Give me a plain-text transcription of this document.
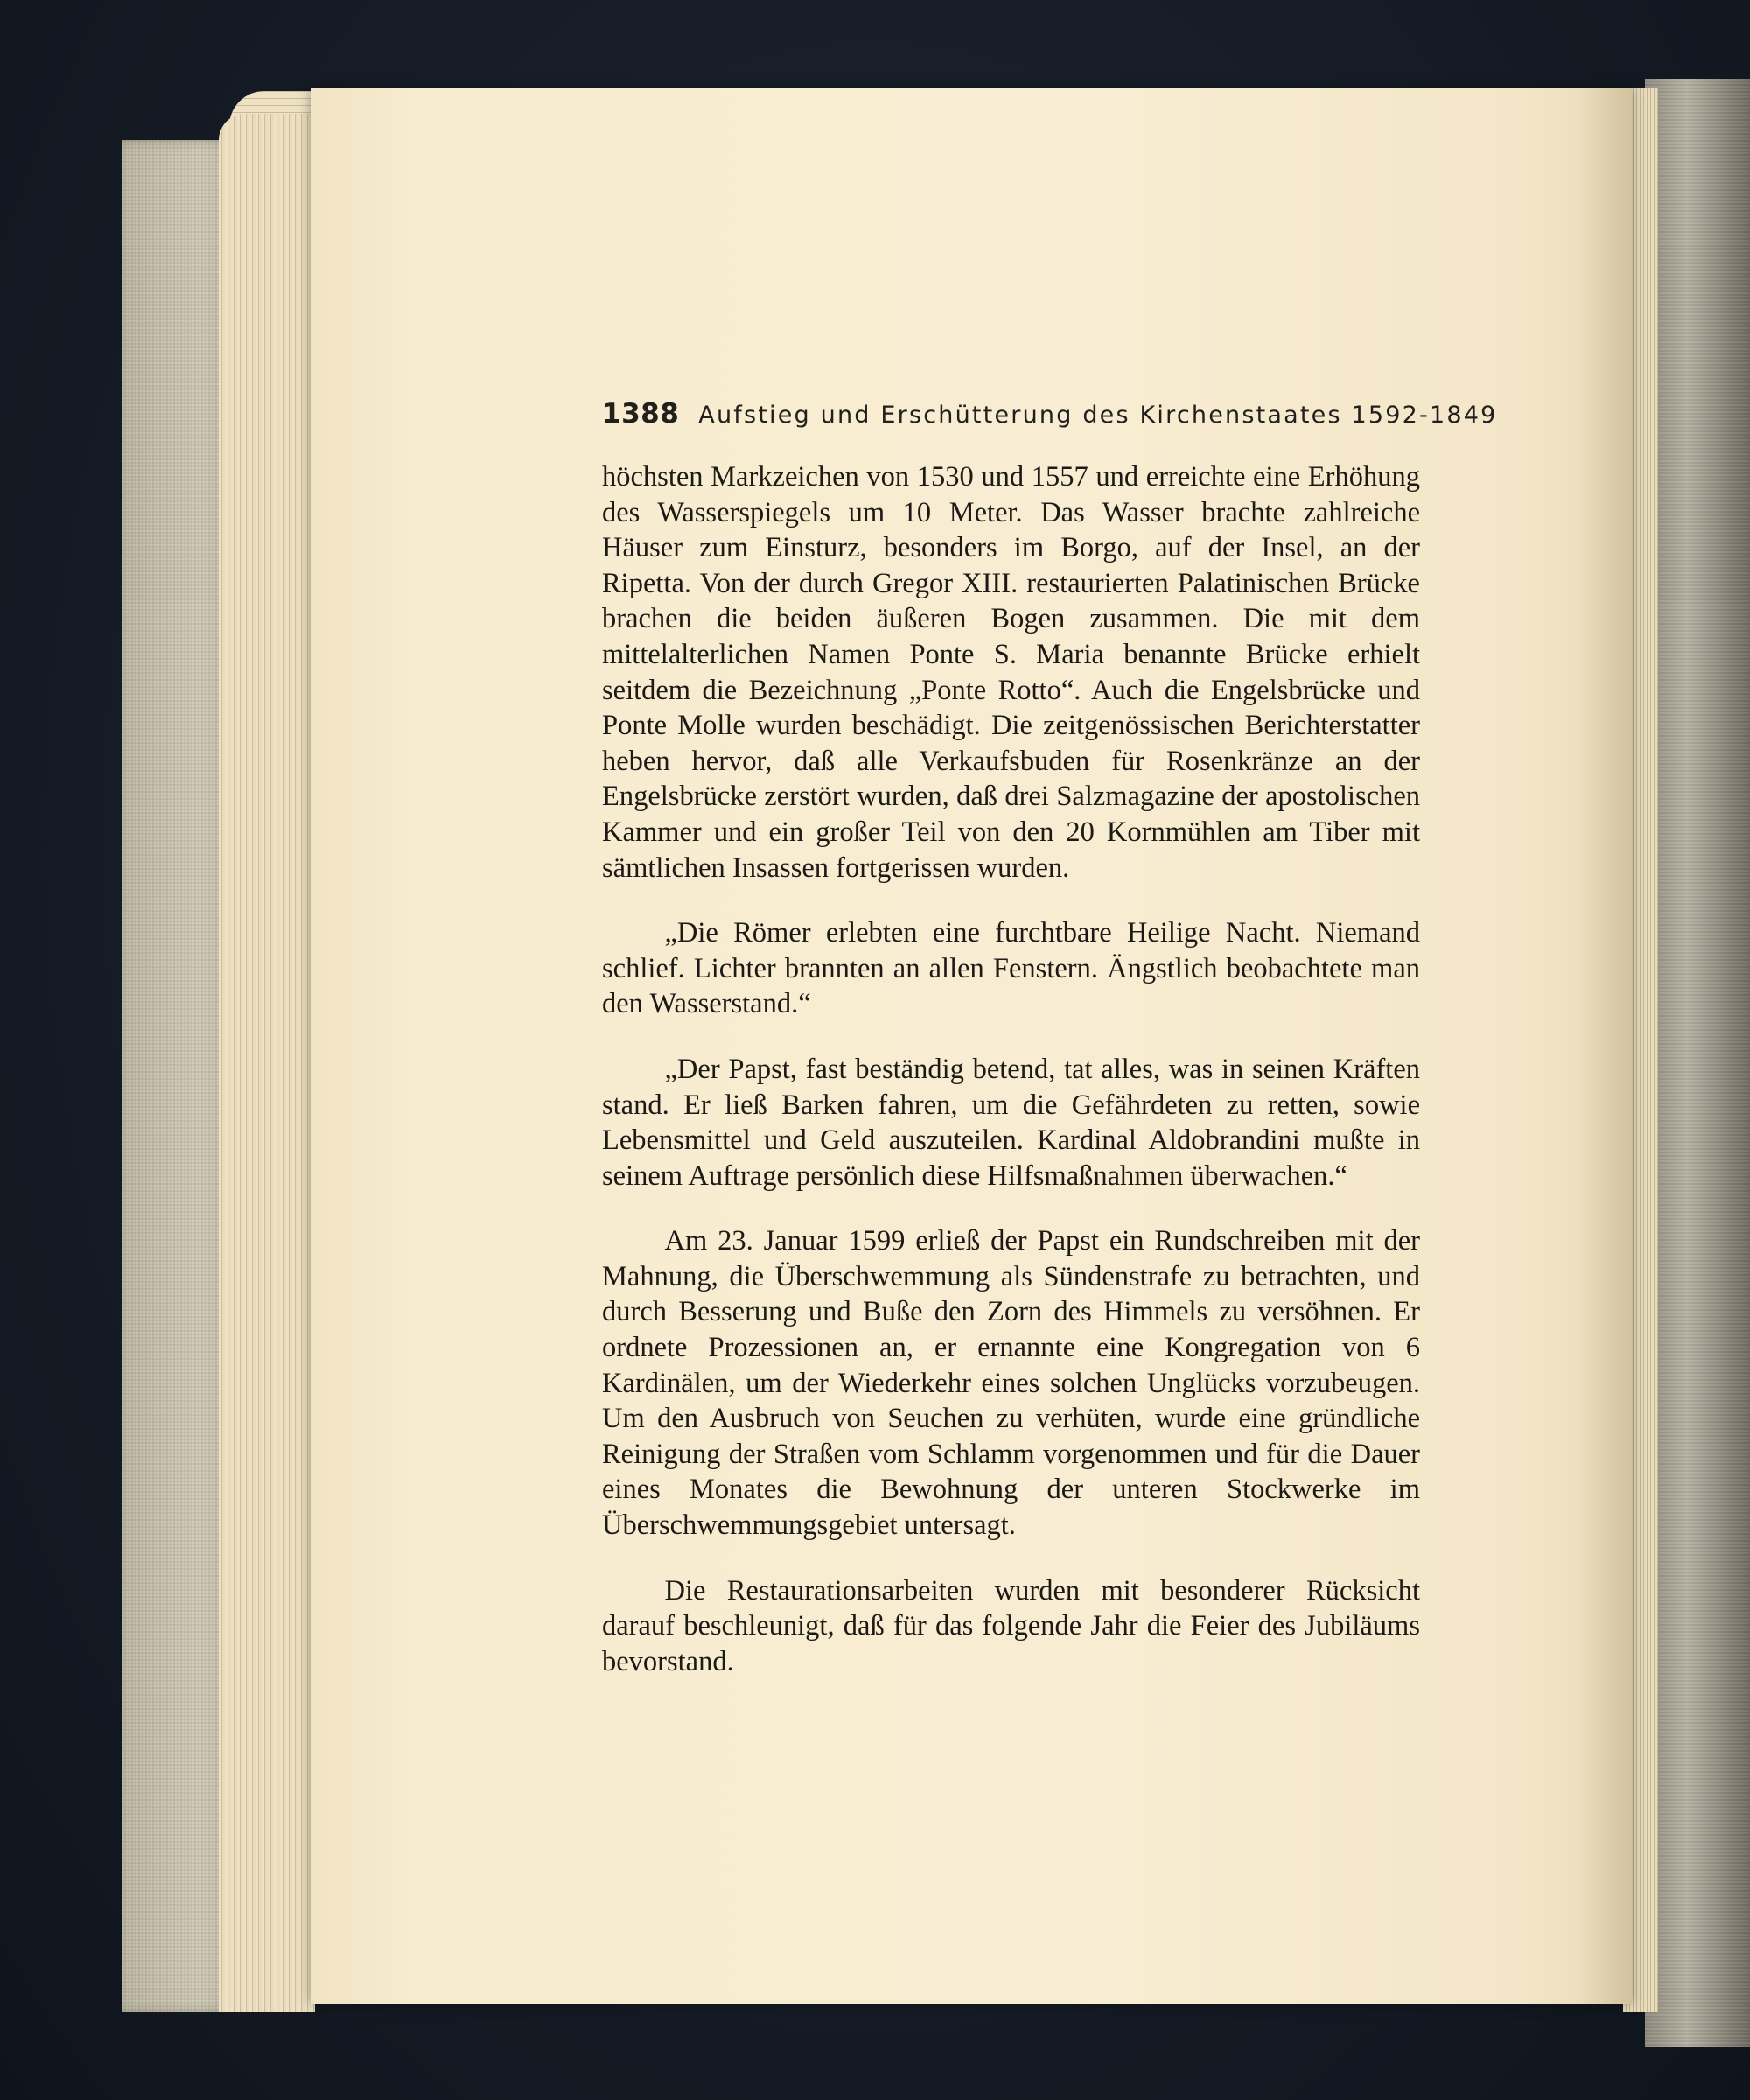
1388 Aufstieg und Erschütterung des Kirchenstaates 1592-1849

höchsten Markzeichen von 1530 und 1557 und erreichte eine Erhöhung des Wasserspiegels um 10 Meter. Das Wasser brachte zahlreiche Häuser zum Einsturz, besonders im Borgo, auf der Insel, an der Ripetta. Von der durch Gregor XIII. restaurierten Palatinischen Brücke brachen die beiden äußeren Bogen zusammen. Die mit dem mittelalterlichen Namen Ponte S. Maria benannte Brücke erhielt seitdem die Bezeichnung „Ponte Rotto“. Auch die Engelsbrücke und Ponte Molle wurden beschädigt. Die zeitgenössischen Berichterstatter heben hervor, daß alle Verkaufsbuden für Rosenkränze an der Engelsbrücke zerstört wurden, daß drei Salzmagazine der apostolischen Kammer und ein großer Teil von den 20 Kornmühlen am Tiber mit sämtlichen Insassen fortgerissen wurden.

„Die Römer erlebten eine furchtbare Heilige Nacht. Niemand schlief. Lichter brannten an allen Fenstern. Ängstlich beobachtete man den Wasserstand.“

„Der Papst, fast beständig betend, tat alles, was in seinen Kräften stand. Er ließ Barken fahren, um die Gefährdeten zu retten, sowie Lebensmittel und Geld auszuteilen. Kardinal Aldobrandini mußte in seinem Auftrage persönlich diese Hilfsmaßnahmen überwachen.“

Am 23. Januar 1599 erließ der Papst ein Rundschreiben mit der Mahnung, die Überschwemmung als Sündenstrafe zu betrachten, und durch Besserung und Buße den Zorn des Himmels zu versöhnen. Er ordnete Prozessionen an, er ernannte eine Kongregation von 6 Kardinälen, um der Wiederkehr eines solchen Unglücks vorzubeugen. Um den Ausbruch von Seuchen zu verhüten, wurde eine gründliche Reinigung der Straßen vom Schlamm vorgenommen und für die Dauer eines Monates die Bewohnung der unteren Stockwerke im Überschwemmungsgebiet untersagt.

Die Restaurationsarbeiten wurden mit besonderer Rücksicht darauf beschleunigt, daß für das folgende Jahr die Feier des Jubiläums bevorstand.
